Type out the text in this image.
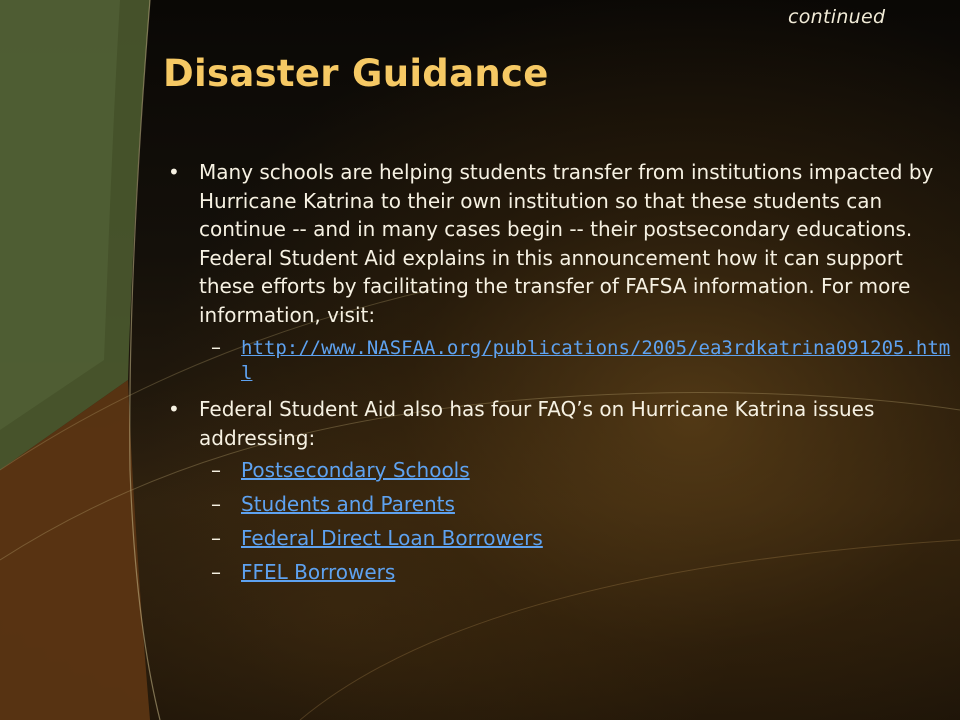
continued
Disaster Guidance
• Many schools are helping students transfer from institutions impacted by Hurricane Katrina to their own institution so that these students can continue -- and in many cases begin -- their postsecondary educations. Federal Student Aid explains in this announcement how it can support these efforts by facilitating the transfer of FAFSA information. For more information, visit:
– http://www.NASFAA.org/publications/2005/ea3rdkatrina091205.html
• Federal Student Aid also has four FAQ’s on Hurricane Katrina issues addressing:
– Postsecondary Schools
– Students and Parents
– Federal Direct Loan Borrowers
– FFEL Borrowers
